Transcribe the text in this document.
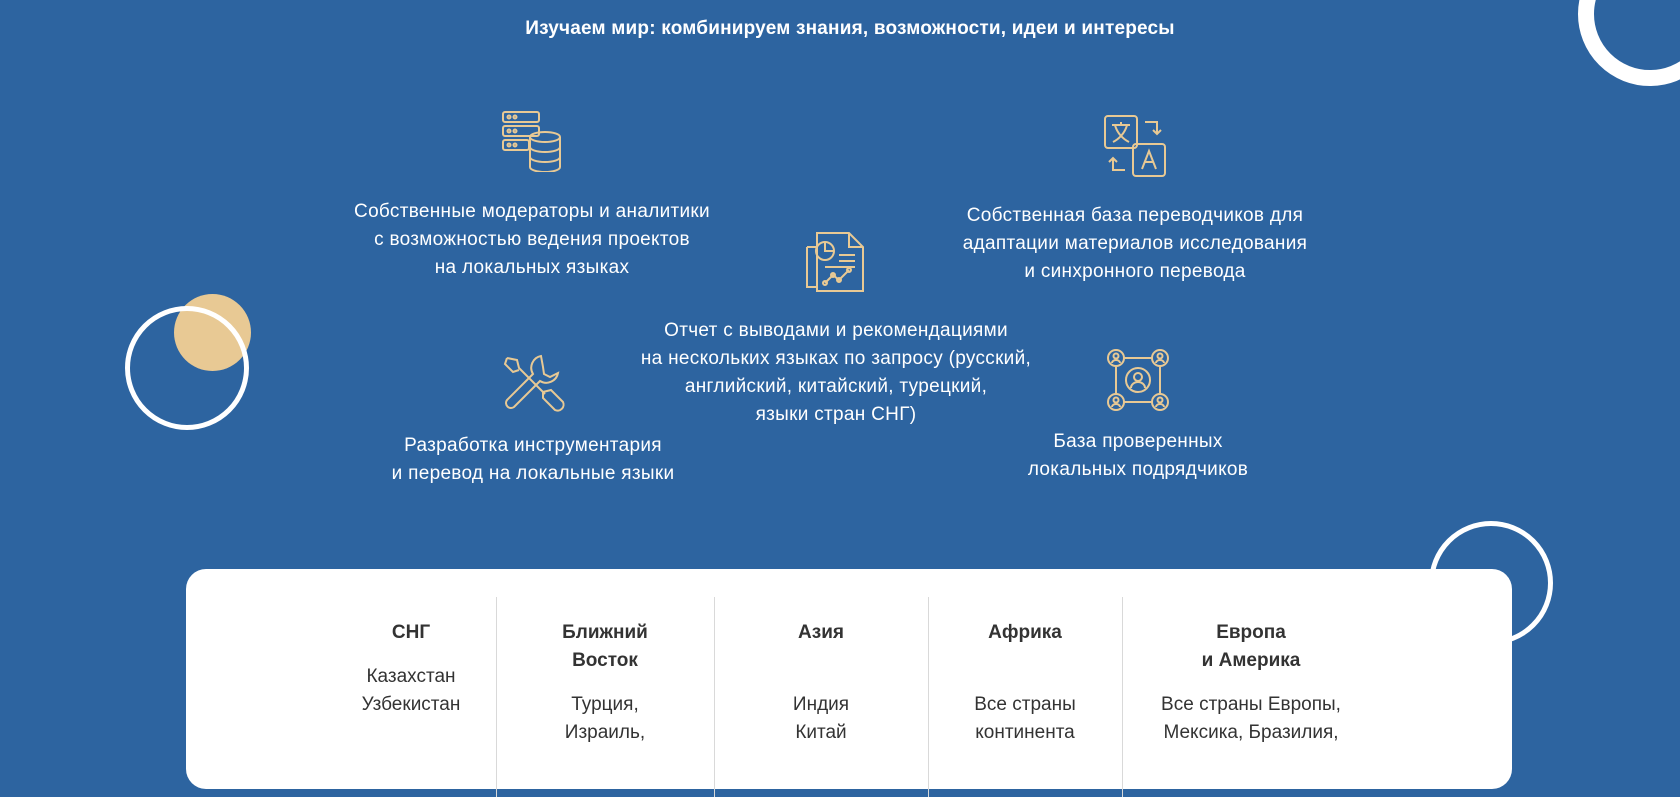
Изучаем мир: комбинируем знания, возможности, идеи и интересы
Собственные модераторы и аналитики
с возможностью ведения проектов
на локальных языках
Собственная база переводчиков для
адаптации материалов исследования
и синхронного перевода
Отчет с выводами и рекомендациями
на нескольких языках по запросу (русский,
английский, китайский, турецкий,
языки стран СНГ)
Разработка инструментария
и перевод на локальные языки
База проверенных
локальных подрядчиков
СНГ
Казахстан
Узбекистан
Ближний
Восток
Турция,
Израиль,
Азия
Индия
Китай
Африка
Все страны
континента
Европа
и Америка
Все страны Европы,
Мексика, Бразилия,
